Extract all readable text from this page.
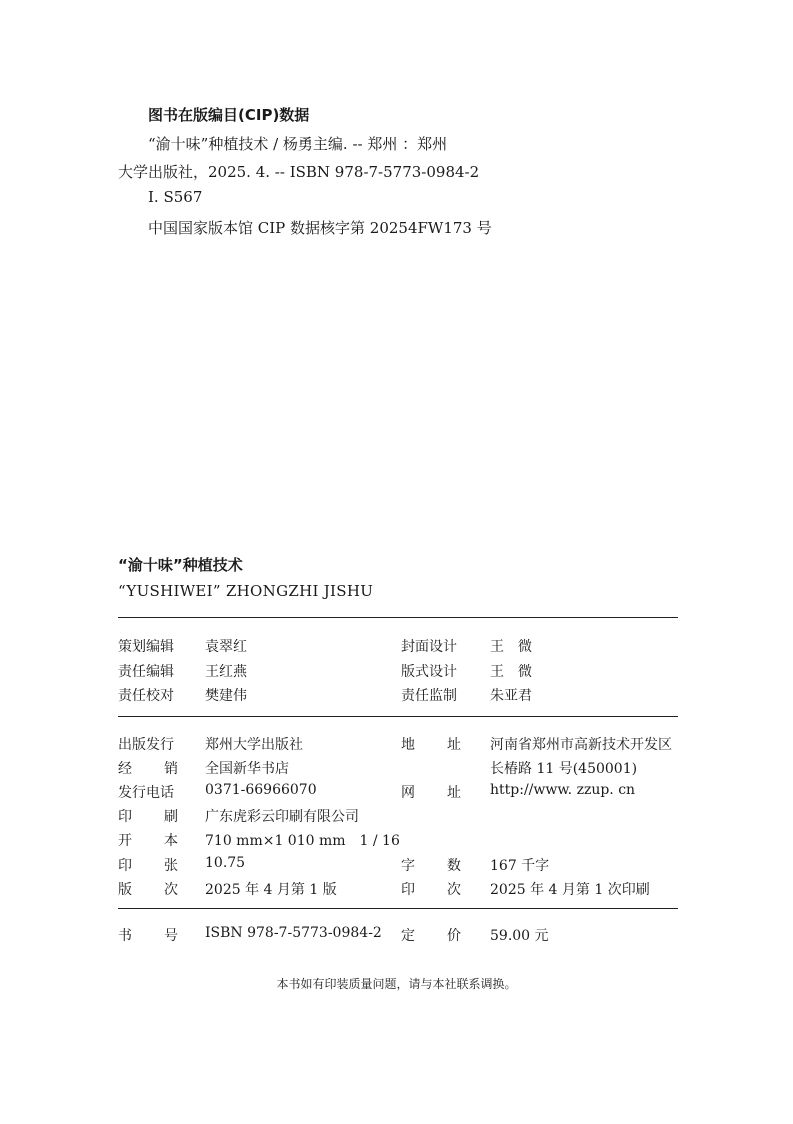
图书在版编目(CIP)数据
“渝十味”种植技术 / 杨勇主编. -- 郑州 ：郑州
大学出版社，2025. 4. -- ISBN 978-7-5773-0984-2
Ⅰ. S567
中国国家版本馆 CIP 数据核字第 20254FW173 号
“渝十味”种植技术
“YUSHIWEI” ZHONGZHI JISHU
策划编辑 袁翠红	封面设计 王　微
责任编辑 王红燕	版式设计 王　微
责任校对 樊建伟	责任监制 朱亚君
出版发行 郑州大学出版社	地 址 河南省郑州市高新技术开发区
经 销 全国新华书店	长椿路 11 号(450001)
发行电话 0371-66966070	网 址 http://www. zzup. cn
印 刷 广东虎彩云印刷有限公司
开 本 710 mm×1 010 mm　1 / 16
印 张 10.75	字 数 167 千字
版 次 2025 年 4 月第 1 版	印 次 2025 年 4 月第 1 次印刷
书 号 ISBN 978-7-5773-0984-2 定 价 59.00 元
本书如有印装质量问题，请与本社联系调换。
